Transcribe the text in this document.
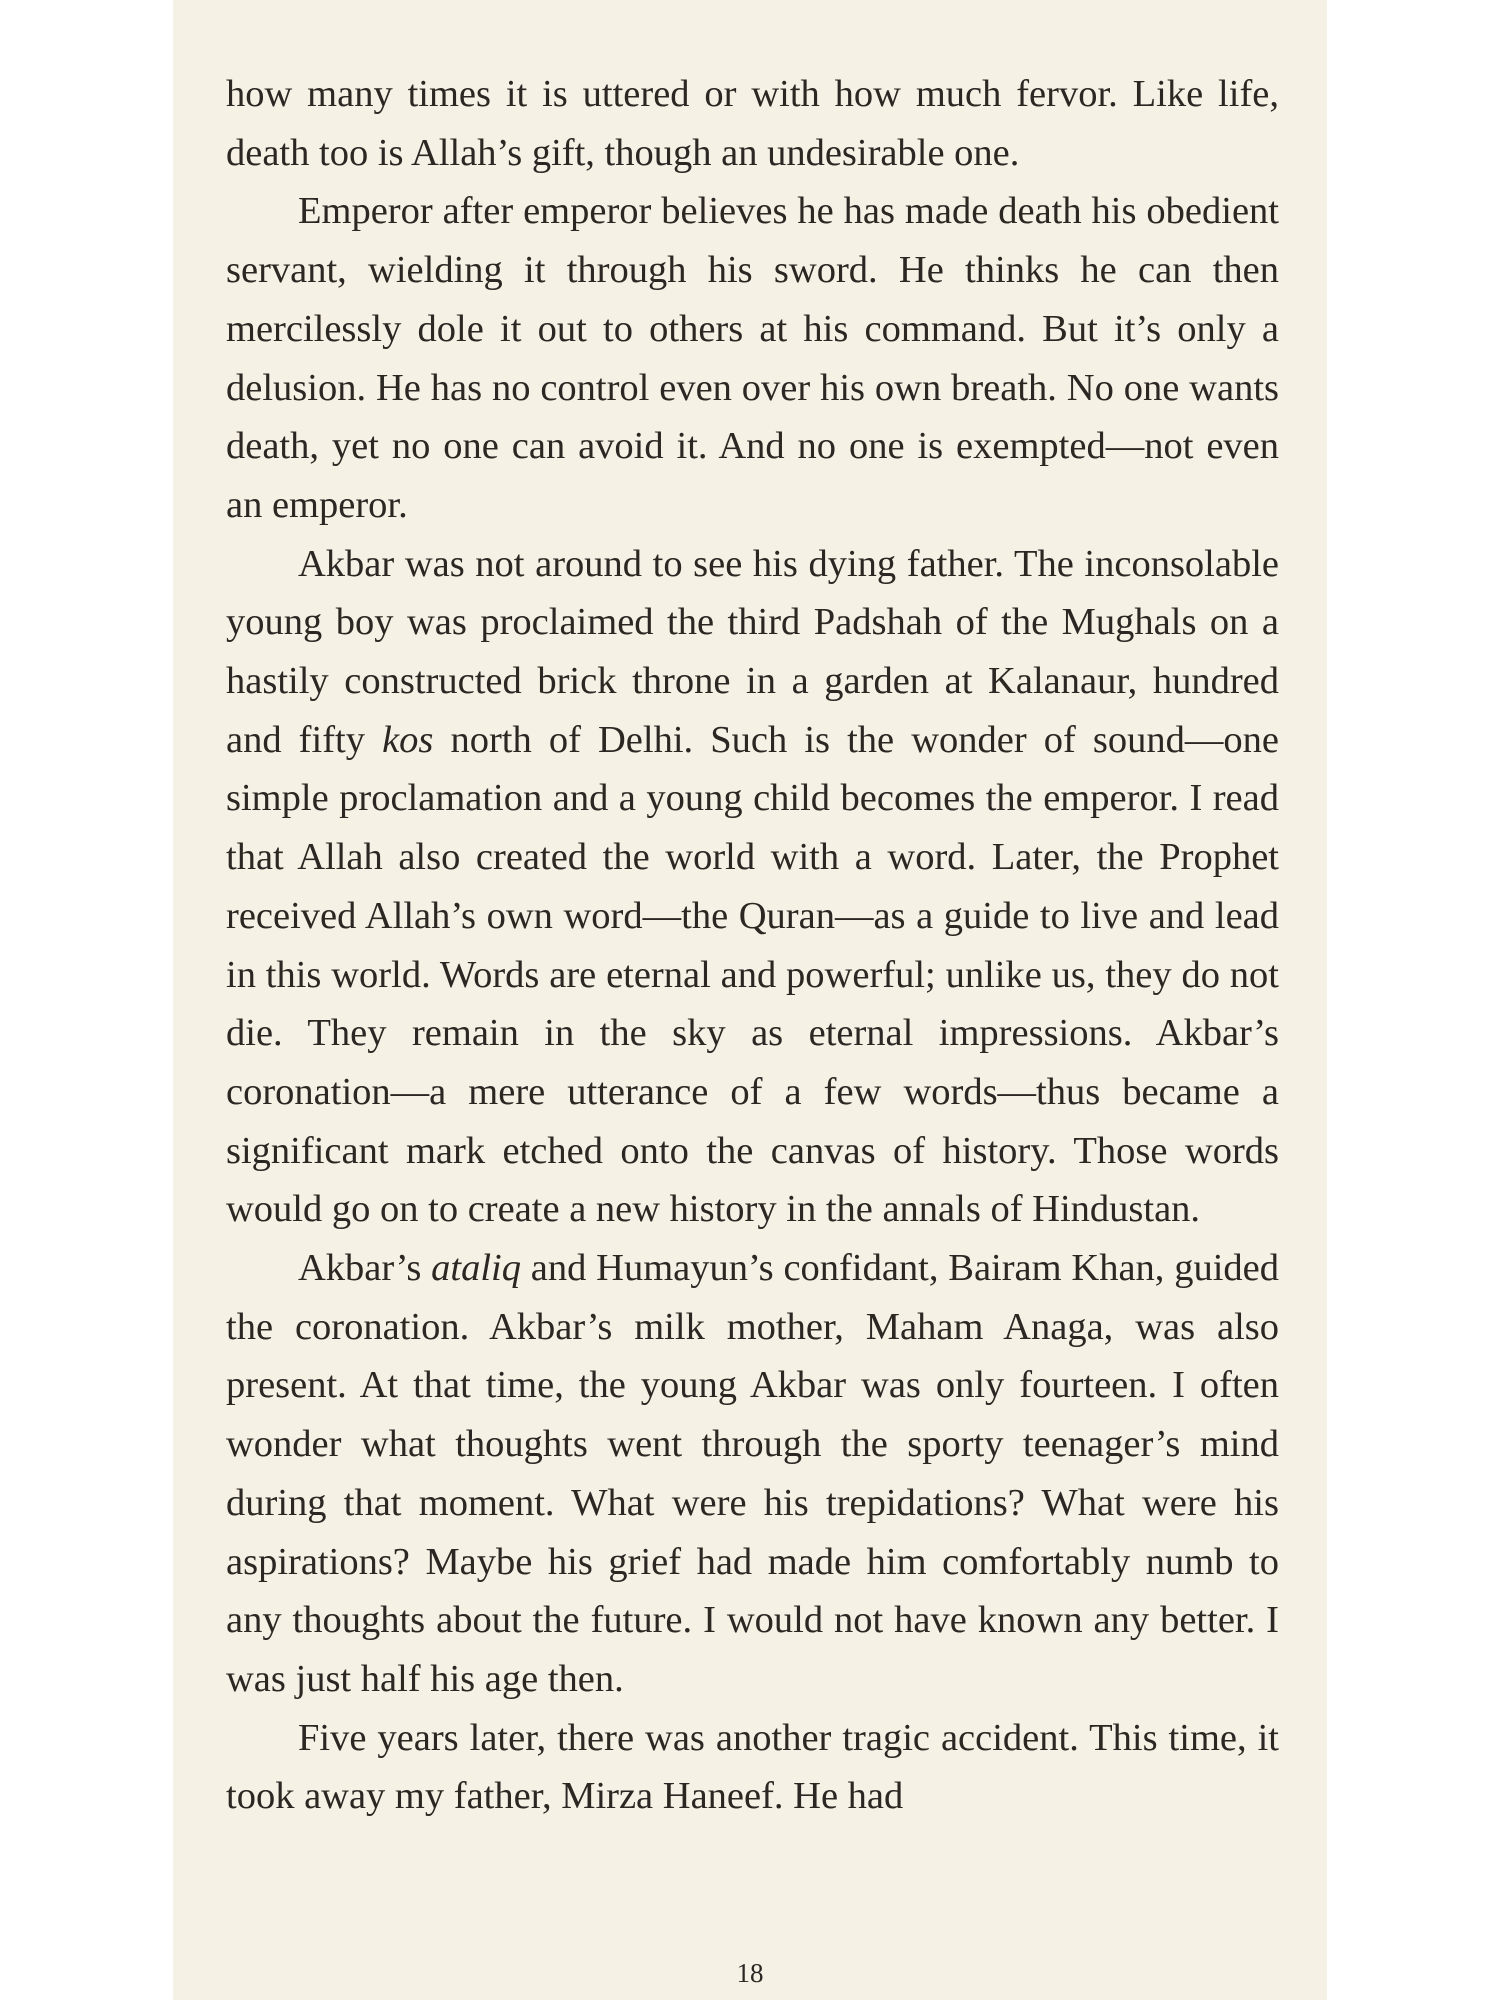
how many times it is uttered or with how much fervor. Like life, death too is Allah’s gift, though an undesirable one.

Emperor after emperor believes he has made death his obedient servant, wielding it through his sword. He thinks he can then mercilessly dole it out to others at his command. But it’s only a delusion. He has no control even over his own breath. No one wants death, yet no one can avoid it. And no one is exempted—not even an emperor.

Akbar was not around to see his dying father. The inconsolable young boy was proclaimed the third Padshah of the Mughals on a hastily constructed brick throne in a garden at Kalanaur, hundred and fifty kos north of Delhi. Such is the wonder of sound—one simple proclamation and a young child becomes the emperor. I read that Allah also created the world with a word. Later, the Prophet received Allah’s own word—the Quran—as a guide to live and lead in this world. Words are eternal and powerful; unlike us, they do not die. They remain in the sky as eternal impressions. Akbar’s coronation—a mere utterance of a few words—thus became a significant mark etched onto the canvas of history. Those words would go on to create a new history in the annals of Hindustan.

Akbar’s ataliq and Humayun’s confidant, Bairam Khan, guided the coronation. Akbar’s milk mother, Maham Anaga, was also present. At that time, the young Akbar was only fourteen. I often wonder what thoughts went through the sporty teenager’s mind during that moment. What were his trepidations? What were his aspirations? Maybe his grief had made him comfortably numb to any thoughts about the future. I would not have known any better. I was just half his age then.

Five years later, there was another tragic accident. This time, it took away my father, Mirza Haneef. He had

18
